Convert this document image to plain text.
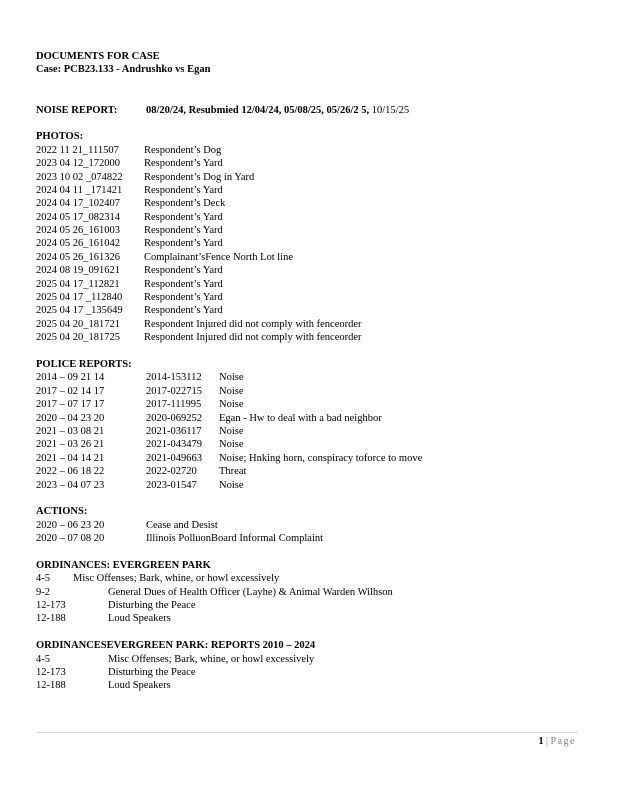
DOCUMENTS FOR CASE
Case: PCB23.133 - Andrushko vs Egan
NOISE REPORT:	08/20/24, Resubmied 12/04/24, 05/08/25, 05/26/2 5, 10/15/25
PHOTOS:
2022 11 21_111507	Respondent’s Dog
2023 04 12_172000	Respondent’s Yard
2023 10 02 _074822	Respondent’s Dog in Yard
2024 04 11 _171421	Respondent’s Yard
2024 04 17_102407	Respondent’s Deck
2024 05 17_082314	Respondent’s Yard
2024 05 26_161003	Respondent’s Yard
2024 05 26_161042	Respondent’s Yard
2024 05 26_161326	Complainant’sFence North Lot line
2024 08 19_091621	Respondent’s Yard
2025 04 17_112821	Respondent’s Yard
2025 04 17 _112840	Respondent’s Yard
2025 04 17 _135649	Respondent’s Yard
2025 04 20_181721	Respondent Injured did not comply with fenceorder
2025 04 20_181725	Respondent Injured did not comply with fenceorder
POLICE REPORTS:
2014 – 09 21 14	2014-153112	Noise
2017 – 02 14 17	2017-022715	Noise
2017 – 07 17 17	2017-111995	Noise
2020 – 04 23 20	2020-069252	Egan - Hw to deal with a bad neighbor
2021 – 03 08 21	2021-036117	Noise
2021 – 03 26 21	2021-043479	Noise
2021 – 04 14 21	2021-049663	Noise; Hnking horn, conspiracy toforce to move
2022 – 06 18 22	2022-02720	Threat
2023 – 04 07 23	2023-01547	Noise
ACTIONS:
2020 – 06 23 20	Cease and Desist
2020 – 07 08 20	Illinois PolluonBoard Informal Complaint
ORDINANCES: EVERGREEN PARK
4-5	Misc Offenses; Bark, whine, or howl excessively
9-2	General Dues of Health Officer (Layhe) & Animal Warden Wilhson
12-173	Disturbing the Peace
12-188	Loud Speakers
ORDINANCESEVERGREEN PARK: REPORTS 2010 – 2024
4-5	Misc Offenses; Bark, whine, or howl excessively
12-173	Disturbing the Peace
12-188	Loud Speakers
1 | Page
